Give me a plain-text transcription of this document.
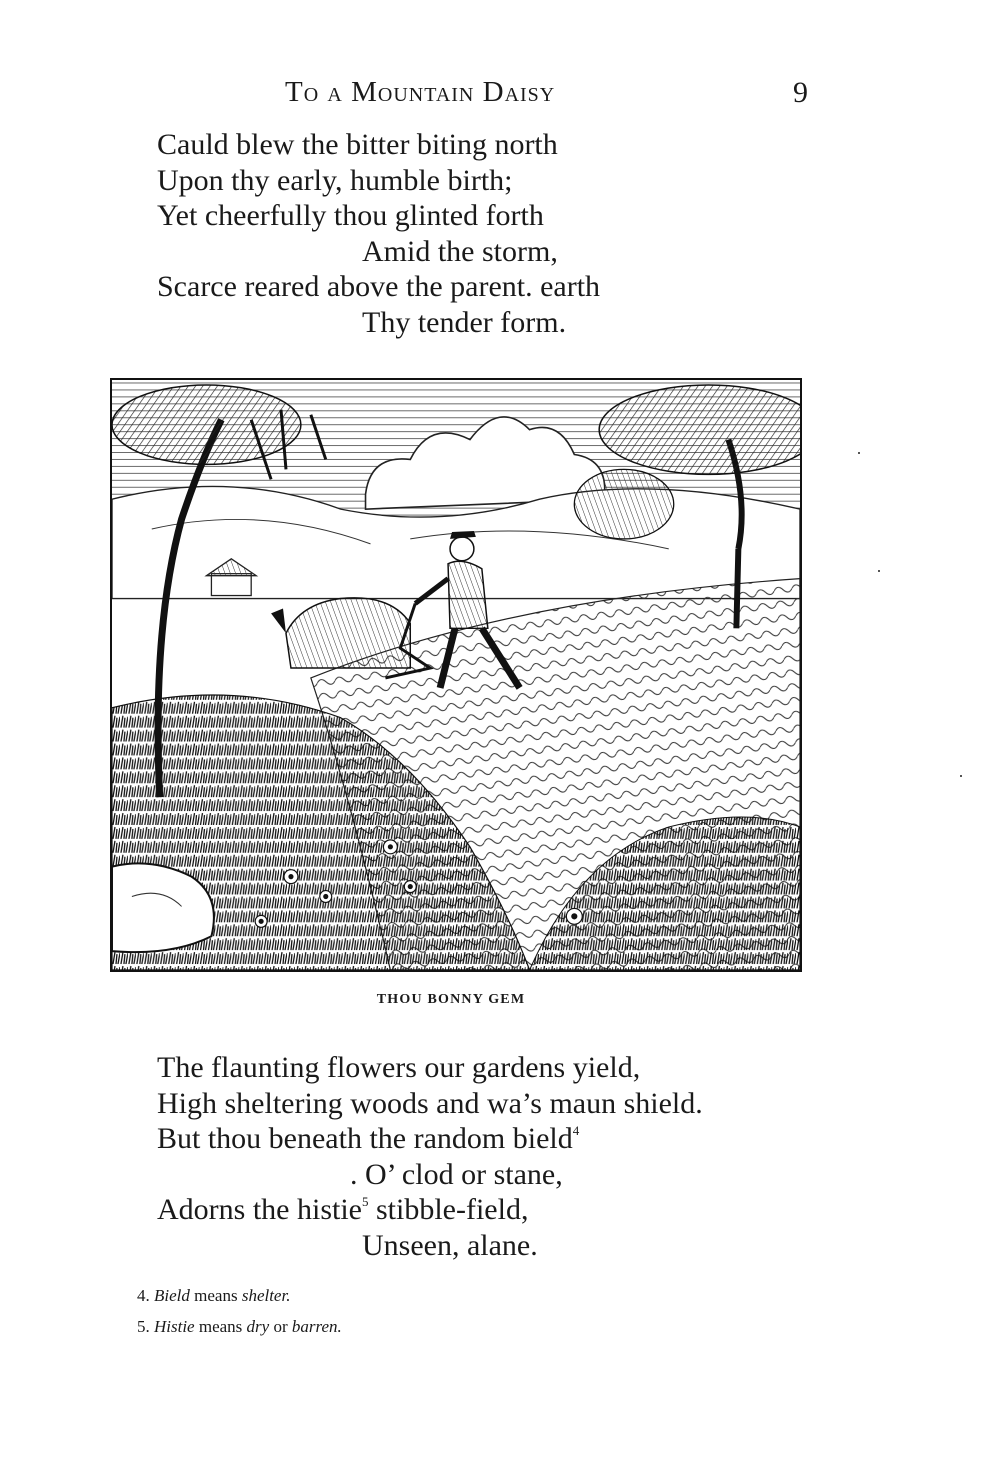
To a Mountain Daisy	9
Cauld blew the bitter biting north
Upon thy early, humble birth;
Yet cheerfully thou glinted forth
Amid the storm,
Scarce reared above the parent. earth
Thy tender form.
THOU BONNY GEM
The flaunting flowers our gardens yield,
High sheltering woods and wa’s maun shield.
But thou beneath the random bield$^4$
. O’ clod or stane,
Adorns the histie$^5$ stibble-field,
Unseen, alane.
4. Bield means shelter.
5. Histie means dry or barren.
